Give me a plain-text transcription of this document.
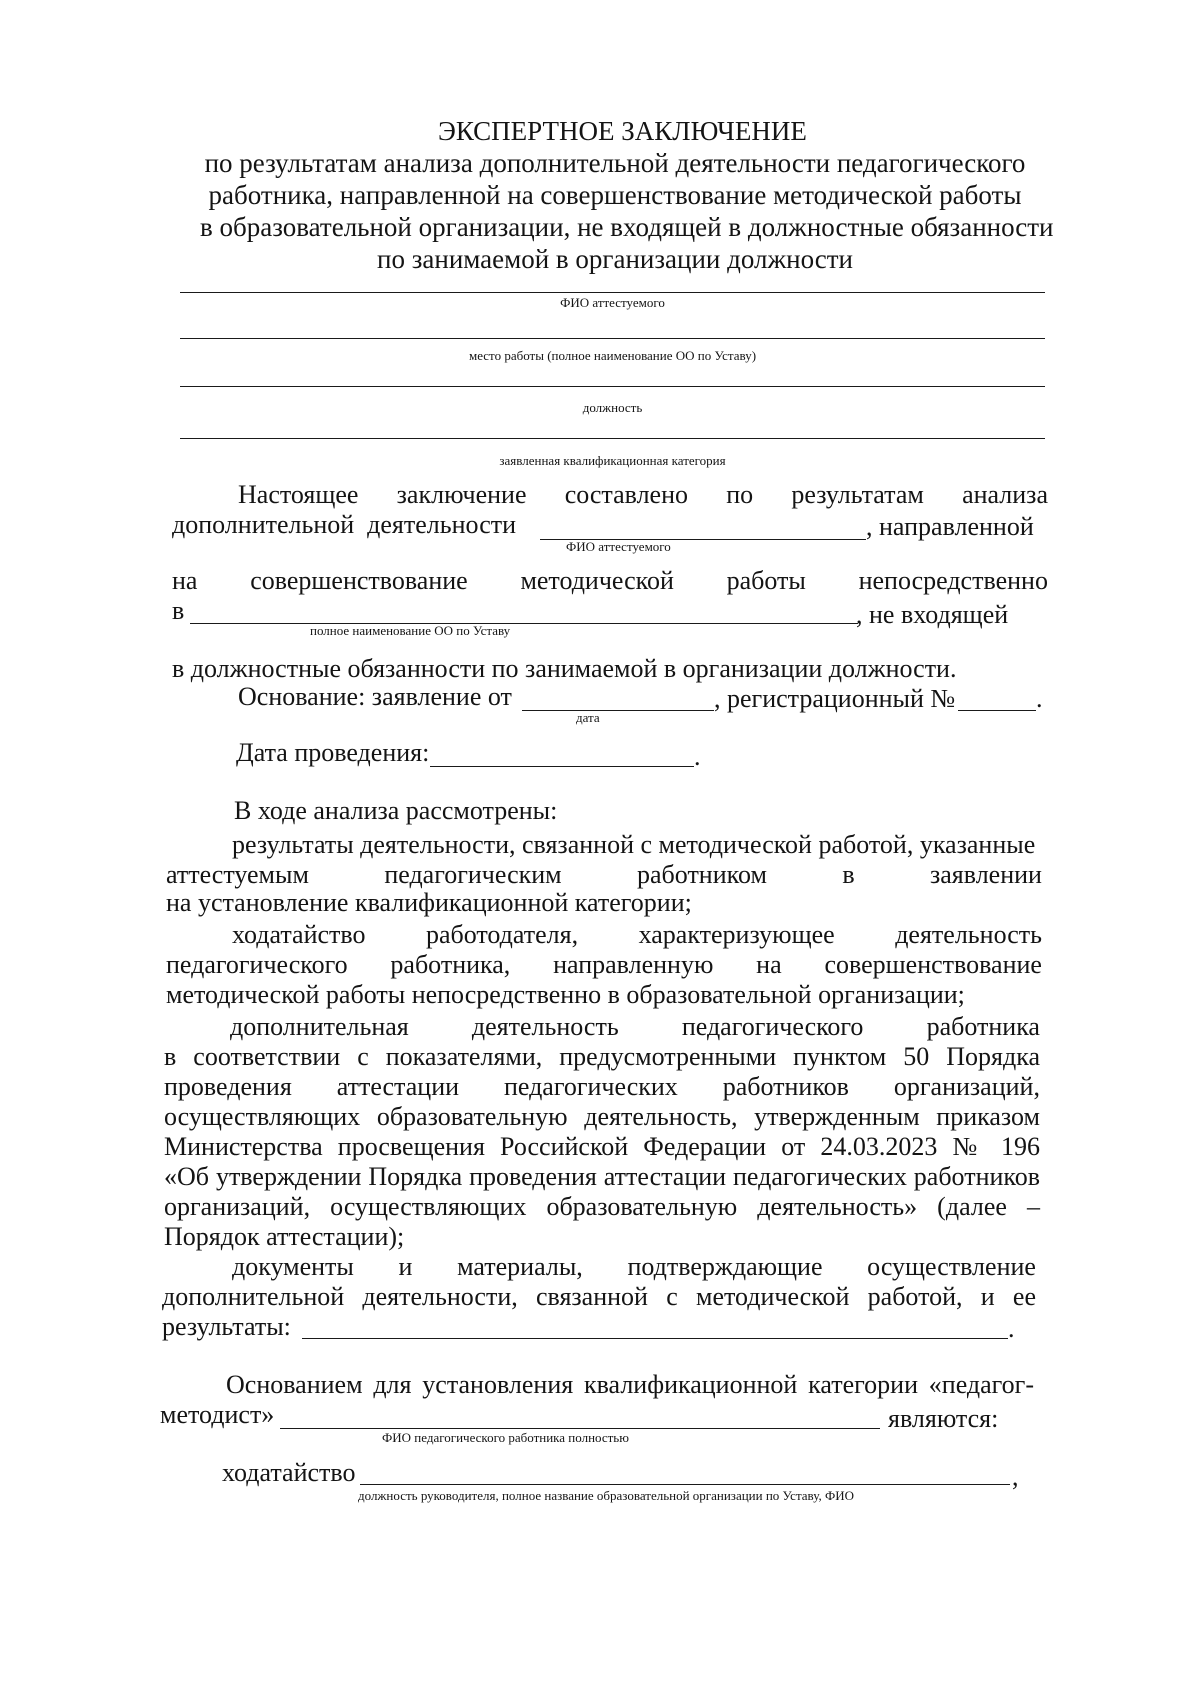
ЭКСПЕРТНОЕ ЗАКЛЮЧЕНИЕ
по результатам анализа дополнительной деятельности педагогического
работника, направленной на совершенствование методической работы
в образовательной организации, не входящей в должностные обязанности
по занимаемой в организации должности
ФИО аттестуемого
место работы (полное наименование ОО по Уставу)
должность
заявленная квалификационная категория
Настоящее заключение составлено по результатам анализа
дополнительной  деятельности	, направленной
ФИО аттестуемого
на совершенствование методической работы непосредственно
в	, не входящей
полное наименование ОО по Уставу
в должностные обязанности по занимаемой в организации должности.
Основание: заявление от	, регистрационный №	.
дата
Дата проведения:	.
В ходе анализа рассмотрены:
результаты деятельности, связанной с методической работой, указанные
аттестуемым	педагогическим	работником	в	заявлении
на установление квалификационной категории;
ходатайство работодателя, характеризующее деятельность
педагогического работника, направленную на совершенствование
методической работы непосредственно в образовательной организации;
дополнительная деятельность педагогического работника
в соответствии с показателями, предусмотренными пунктом 50 Порядка
проведения аттестации педагогических работников организаций,
осуществляющих образовательную деятельность, утвержденным приказом
Министерства просвещения Российской Федерации от 24.03.2023 № 196
«Об утверждении Порядка проведения аттестации педагогических работников
организаций, осуществляющих образовательную деятельность» (далее –
Порядок аттестации);
документы и материалы, подтверждающие осуществление
дополнительной деятельности, связанной с методической работой, и ее
результаты:	.
Основанием для установления квалификационной категории «педагог-
методист»	являются:
ФИО педагогического работника полностью
ходатайство	,
должность руководителя, полное название образовательной организации по Уставу, ФИО
